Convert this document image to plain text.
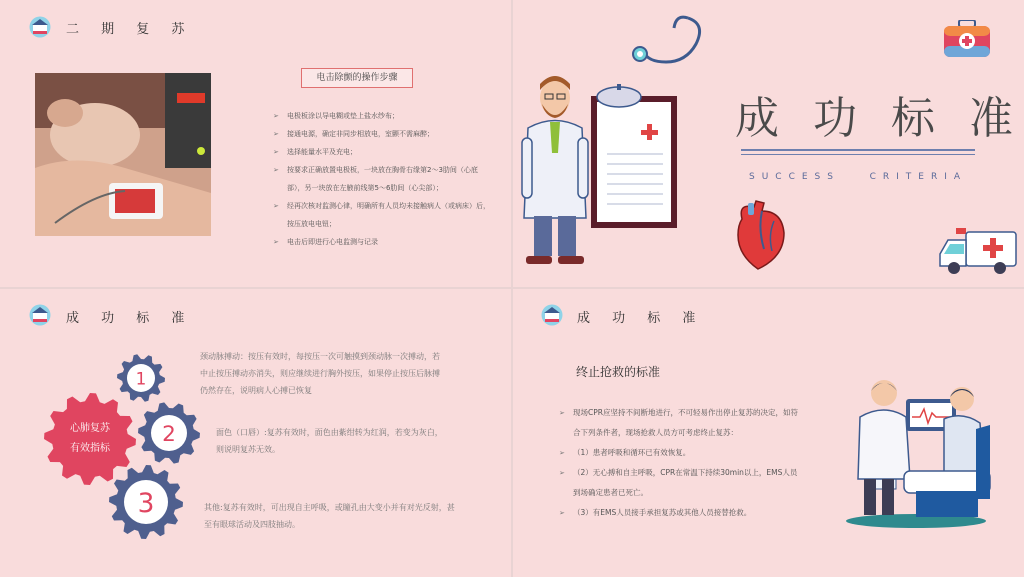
二 期 复 苏
电击除颤的操作步骤
➢ 电极板涂以导电糊或垫上盐水纱布；
➢ 接通电源，确定非同步相放电，室颤不需麻醉；
➢ 选择能量水平及充电；
➢ 按要求正确放置电极板，一块放在胸骨右缘第2～3肋间（心底
部），另一块放在左腋前线第5～6肋间（心尖部）；
➢ 经再次核对监测心律，明确所有人员均未接触病人（或病床）后，
按压放电电钮；
➢ 电击后即进行心电监测与记录
成 功 标 准
SUCCESS   CRITERIA
成 功 标 准
1
2
3
心肺复苏
有效指标
颈动脉搏动：按压有效时，每按压一次可触摸到颈动脉一次搏动，若
中止按压搏动亦消失，则应继续进行胸外按压，如果停止按压后脉搏
仍然存在，说明病人心搏已恢复
面色（口唇）:复苏有效时，面色由紫绀转为红润，若变为灰白，
则说明复苏无效。
其他:复苏有效时，可出现自主呼吸，或瞳孔由大变小并有对光反射，甚
至有眼球活动及四肢抽动。
成 功 标 准
终止抢救的标准
➢ 现场CPR应坚持不间断地进行，不可轻易作出停止复苏的决定，如符
合下列条件者，现场抢救人员方可考虑终止复苏：
➢ （1）患者呼吸和循环已有效恢复。
➢ （2）无心搏和自主呼吸，CPR在常温下持续30min以上，EMS人员
到场确定患者已死亡。
➢ （3）有EMS人员接手承担复苏或其他人员接替抢救。
